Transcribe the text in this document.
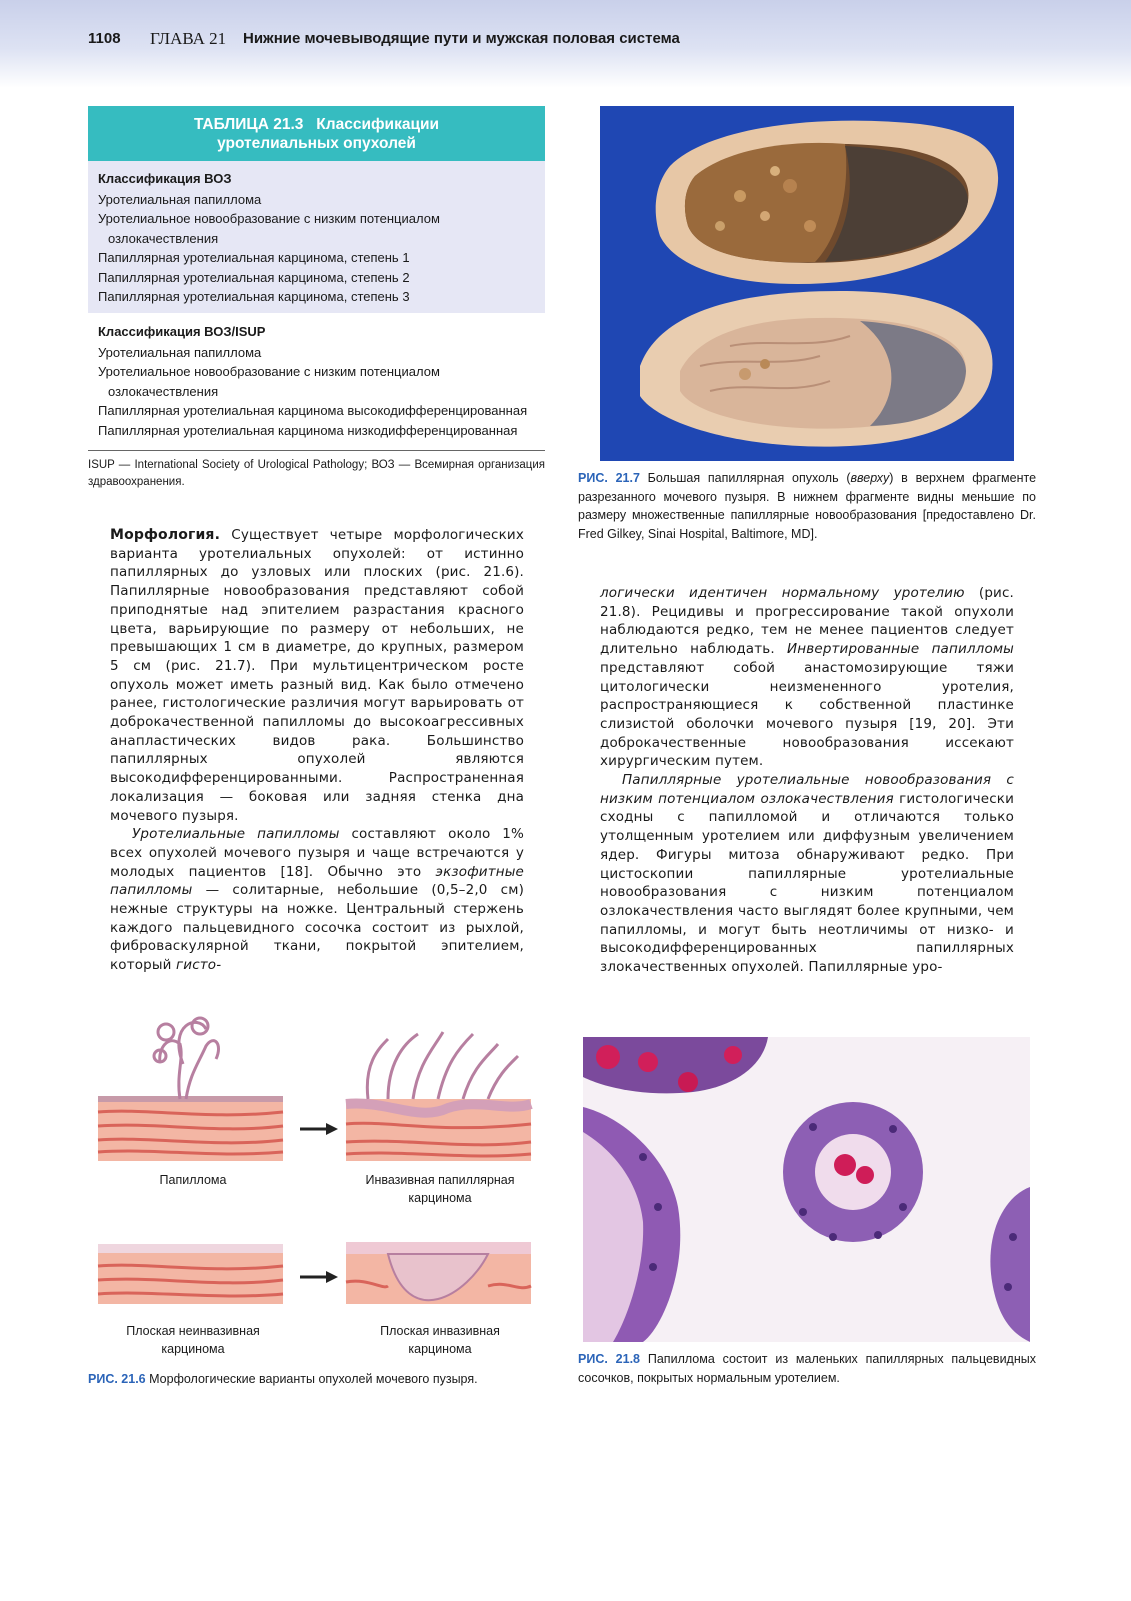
1108 ГЛАВА 21 Нижние мочевыводящие пути и мужская половая система
ТАБЛИЦА 21.3   Классификации
уротелиальных опухолей
Классификация ВОЗ
Уротелиальная папиллома
Уротелиальное новообразование с низким потенциалом
озлокачествления
Папиллярная уротелиальная карцинома, степень 1
Папиллярная уротелиальная карцинома, степень 2
Папиллярная уротелиальная карцинома, степень 3
Классификация ВОЗ/ISUP
Уротелиальная папиллома
Уротелиальное новообразование с низким потенциалом
озлокачествления
Папиллярная уротелиальная карцинома высокодифференцированная
Папиллярная уротелиальная карцинома низкодифференцированная
ISUP — International Society of Urological Pathology; ВОЗ — Всемирная организация здравоохранения.	РИС. 21.7 Большая папиллярная опухоль (вверху) в верхнем фрагменте разрезанного мочевого пузыря. В нижнем фрагменте видны меньшие по размеру множественные папиллярные новообразования [предоставлено Dr. Fred Gilkey, Sinai Hospital, Baltimore, MD].

Морфология. Существует четыре морфологических варианта уротелиальных опухолей: от истинно папиллярных до узловых или плоских (рис. 21.6). Папиллярные новообразования представляют собой приподнятые над эпителием разрастания красного цвета, варьирующие по размеру от небольших, не превышающих 1 см в диаметре, до крупных, размером 5 см (рис. 21.7). При мультицентрическом росте опухоль может иметь разный вид. Как было отмечено ранее, гистологические различия могут варьировать от доброкачественной папилломы до высокоагрессивных анапластических видов рака. Большинство папиллярных опухолей являются высокодифференцированными. Распространенная локализация — боковая или задняя стенка дна мочевого пузыря.

Уротелиальные папилломы составляют около 1% всех опухолей мочевого пузыря и чаще встречаются у молодых пациентов [18]. Обычно это экзофитные папилломы — солитарные, небольшие (0,5–2,0 см) нежные структуры на ножке. Центральный стержень каждого пальцевидного сосочка состоит из рыхлой, фиброваскулярной ткани, покрытой эпителием, который гисто-

логически идентичен нормальному уротелию (рис. 21.8). Рецидивы и прогрессирование такой опухоли наблюдаются редко, тем не менее пациентов следует длительно наблюдать. Инвертированные папилломы представляют собой анастомозирующие тяжи цитологически неизмененного уротелия, распространяющиеся к собственной пластинке слизистой оболочки мочевого пузыря [19, 20]. Эти доброкачественные новообразования иссекают хирургическим путем.

Папиллярные уротелиальные новообразования с низким потенциалом озлокачествления гистологически сходны с папилломой и отличаются только утолщенным уротелием или диффузным увеличением ядер. Фигуры митоза обнаруживают редко. При цистоскопии папиллярные уротелиальные новообразования с низким потенциалом озлокачествления часто выглядят более крупными, чем папилломы, и могут быть неотличимы от низко- и высокодифференцированных папиллярных злокачественных опухолей. Папиллярные уро-

Папиллома	Инвазивная папиллярная
карцинома
Плоская неинвазивная
карцинома
Плоская инвазивная
карцинома
РИС. 21.6 Морфологические варианты опухолей мочевого пузыря.
РИС. 21.8 Папиллома состоит из маленьких папиллярных пальцевидных сосочков, покрытых нормальным уротелием.
